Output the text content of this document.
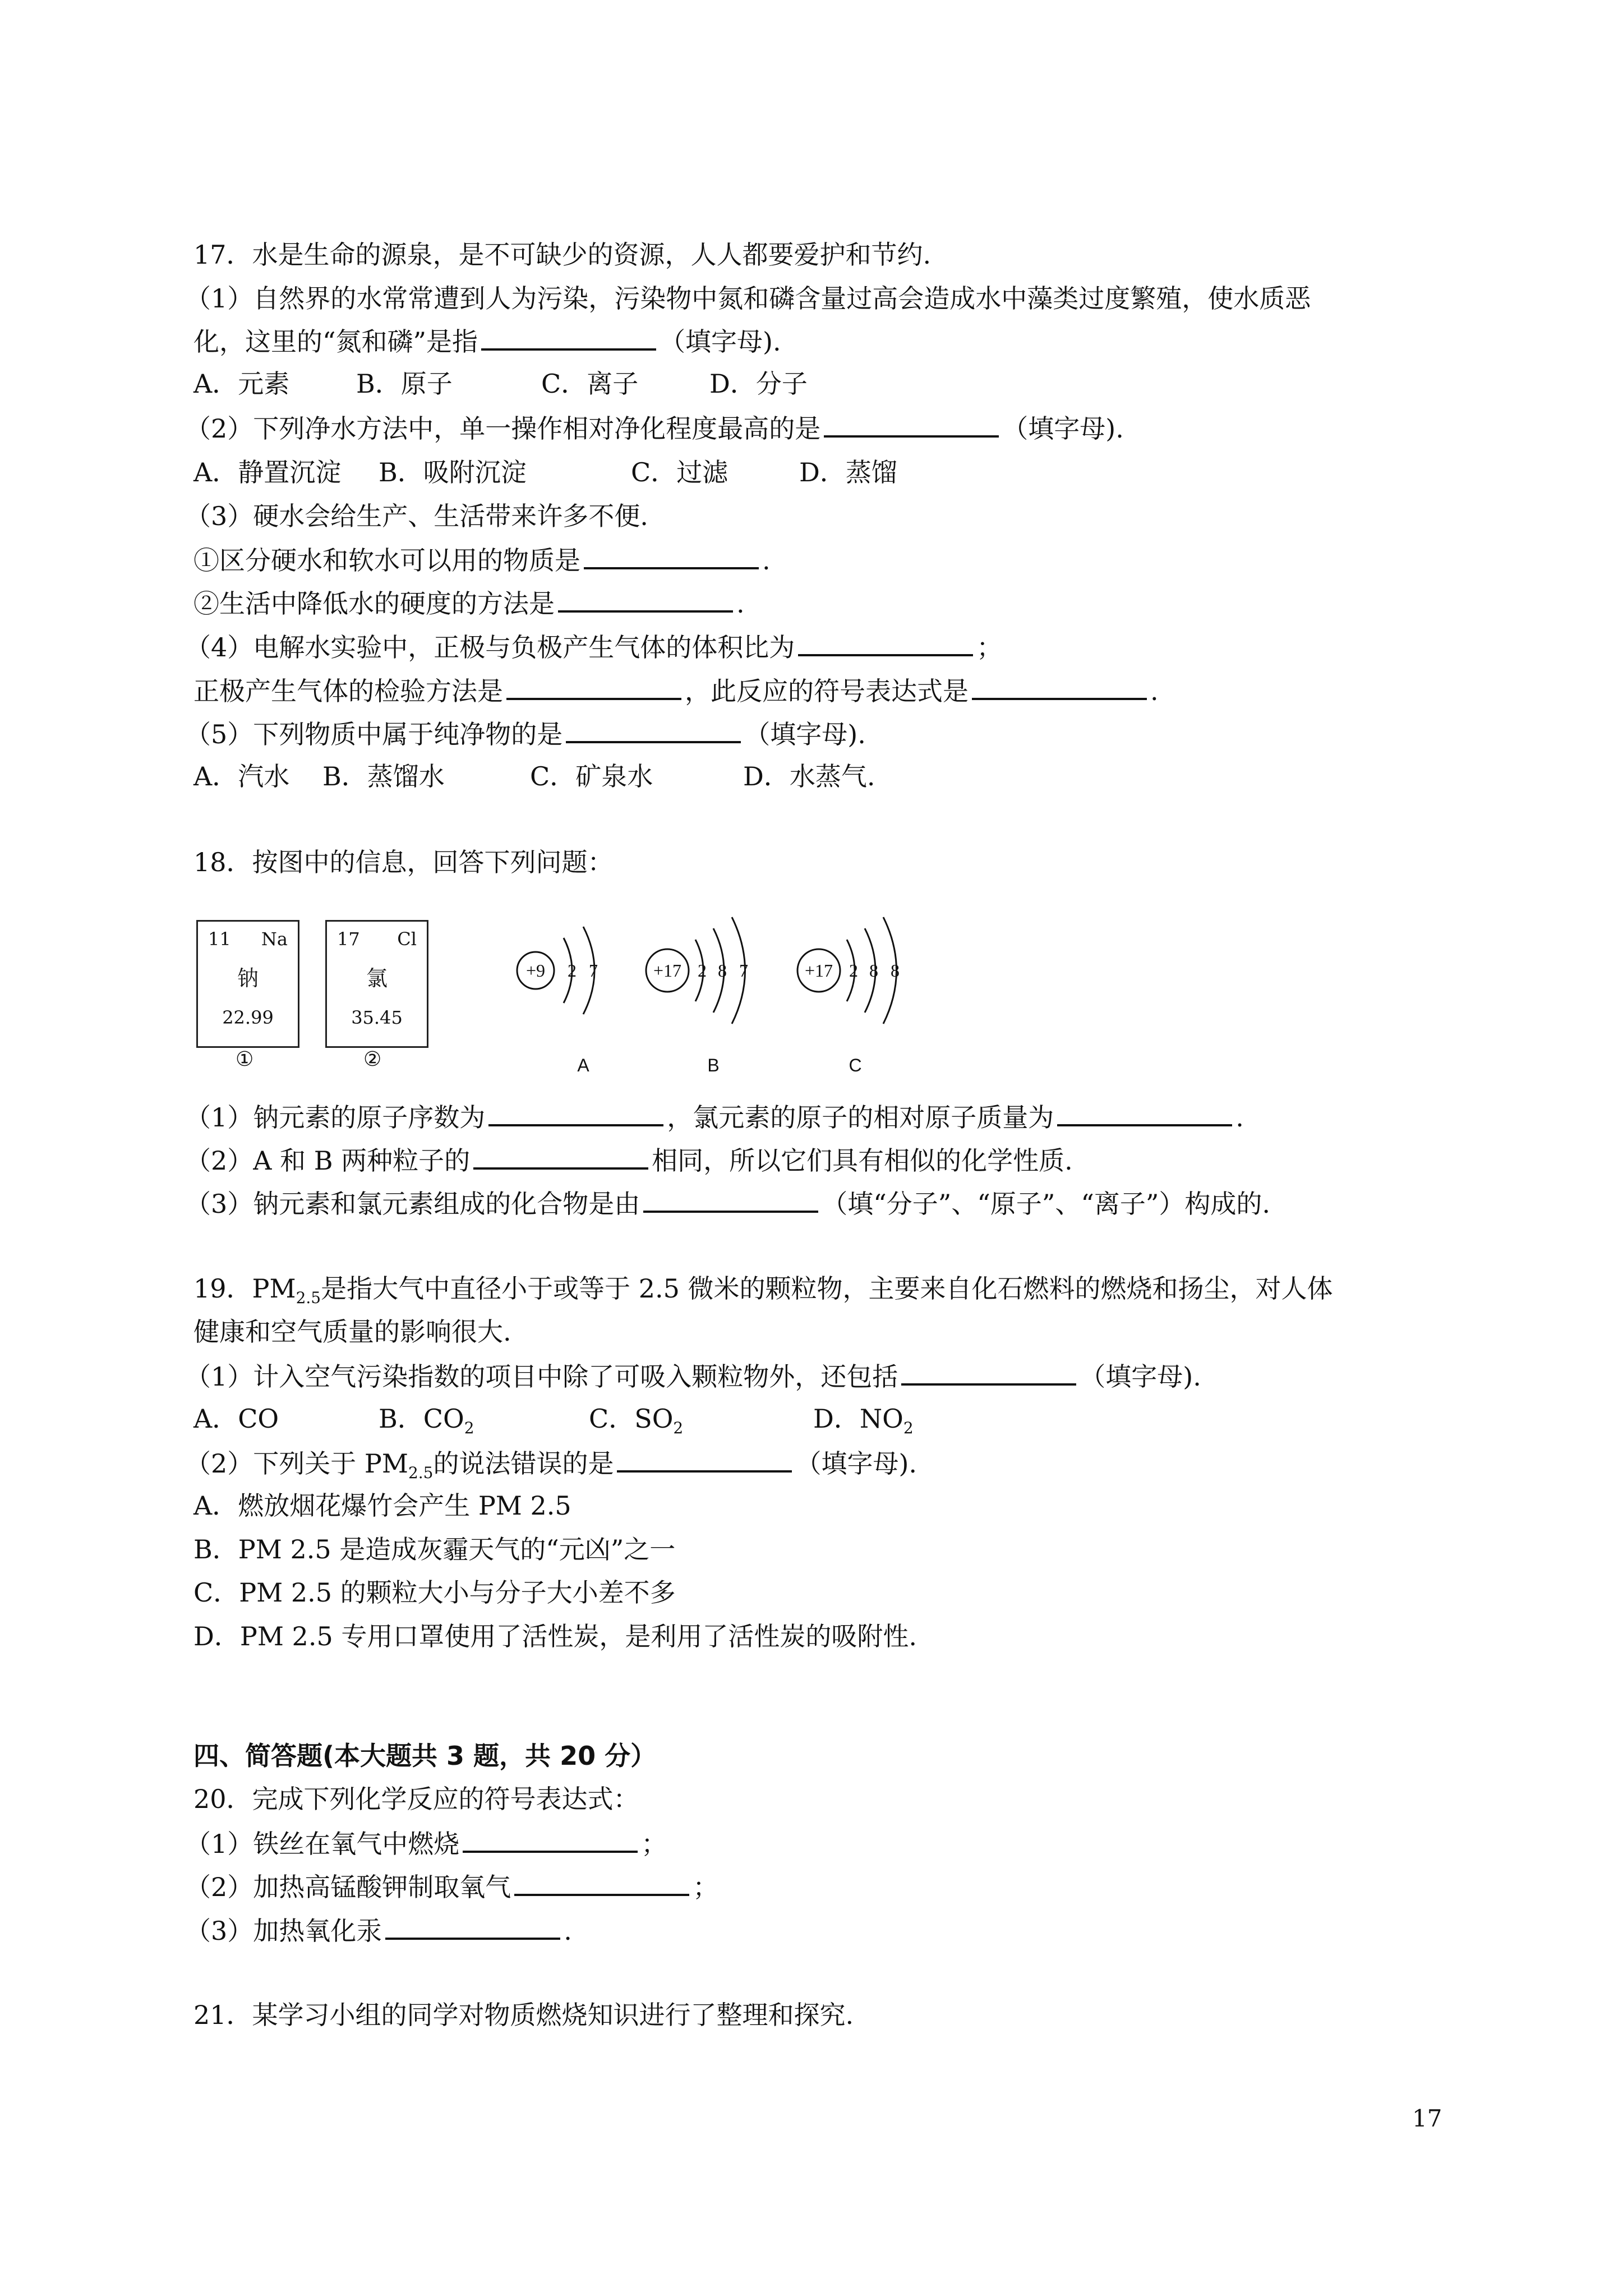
17．水是生命的源泉，是不可缺少的资源，人人都要爱护和节约.
（1）自然界的水常常遭到人为污染，污染物中氮和磷含量过高会造成水中藻类过度繁殖，使水质恶
化，这里的“氮和磷”是指	（填字母).
A．元素	B．原子	C．离子	D．分子
（2）下列净水方法中，单一操作相对净化程度最高的是	（填字母).
A．静置沉淀 B．吸附沉淀	C．过滤	D．蒸馏
（3）硬水会给生产、生活带来许多不便.
①区分硬水和软水可以用的物质是	.
②生活中降低水的硬度的方法是	.
（4）电解水实验中，正极与负极产生气体的体积比为	；
正极产生气体的检验方法是	，此反应的符号表达式是	.
（5）下列物质中属于纯净物的是	（填字母).
A．汽水 B．蒸馏水	C．矿泉水	D．水蒸气.
18．按图中的信息，回答下列问题：
11 Na
钠
22.99
①
17 Cl
氯
35.45
②
+9 2 7
A
+17 2 8 7
B
+17 2 8 8
C
（1）钠元素的原子序数为	，氯元素的原子的相对原子质量为	.
（2）A 和 B 两种粒子的	相同，所以它们具有相似的化学性质.
（3）钠元素和氯元素组成的化合物是由	（填“分子”、“原子”、“离子”）构成的.
19．$PM_{2.5}$是指大气中直径小于或等于 2.5 微米的颗粒物，主要来自化石燃料的燃烧和扬尘，对人体
健康和空气质量的影响很大.
（1）计入空气污染指数的项目中除了可吸入颗粒物外，还包括	（填字母).
A．CO	B．$CO_2$	C．$SO_2$	D．$NO_2$
（2）下列关于 $PM_{2.5}$的说法错误的是	（填字母).
A．燃放烟花爆竹会产生 PM 2.5
B．PM 2.5 是造成灰霾天气的“元凶”之一
C．PM 2.5 的颗粒大小与分子大小差不多
D．PM 2.5 专用口罩使用了活性炭，是利用了活性炭的吸附性.
四、简答题(本大题共 3 题，共 20 分）
20．完成下列化学反应的符号表达式：
（1）铁丝在氧气中燃烧	；
（2）加热高锰酸钾制取氧气	；
（3）加热氧化汞	.
21．某学习小组的同学对物质燃烧知识进行了整理和探究.
17
